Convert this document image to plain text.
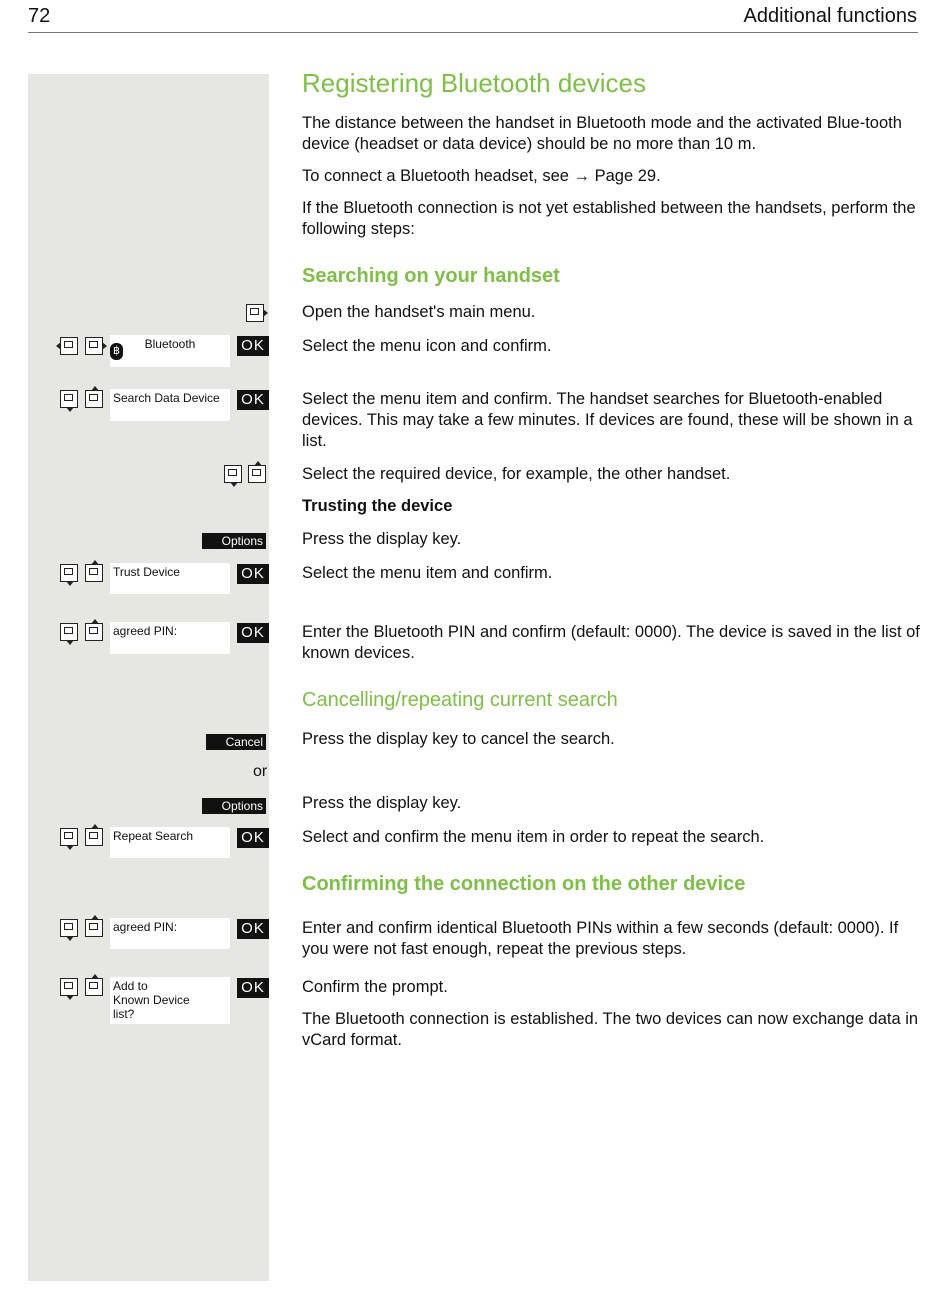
72	Additional functions
Registering Bluetooth devices
The distance between the handset in Bluetooth mode and the activated Blue-tooth device (headset or data device) should be no more than 10 m.
To connect a Bluetooth headset, see → Page 29.
If the Bluetooth connection is not yet established between the handsets, perform the following steps:
Searching on your handset
Open the handset's main menu.
Select the menu icon and confirm.
Select the menu item and confirm. The handset searches for Bluetooth-enabled devices. This may take a few minutes. If devices are found, these will be shown in a list.
Select the required device, for example, the other handset.
Trusting the device
Press the display key.
Select the menu item and confirm.
Enter the Bluetooth PIN and confirm (default: 0000). The device is saved in the list of known devices.
Cancelling/repeating current search
Press the display key to cancel the search.
Press the display key.
Select and confirm the menu item in order to repeat the search.
Confirming the connection on the other device
Enter and confirm identical Bluetooth PINs within a few seconds (default: 0000). If you were not fast enough, repeat the previous steps.
Confirm the prompt.
The Bluetooth connection is established. The two devices can now exchange data in vCard format.
Bluetooth
฿	OK
Search Data Device	OK
Options
Trust Device	OK
agreed PIN:	OK
Cancel
or
Options
Repeat Search	OK
agreed PIN:	OK
Add to
Known Device
list?
OK
